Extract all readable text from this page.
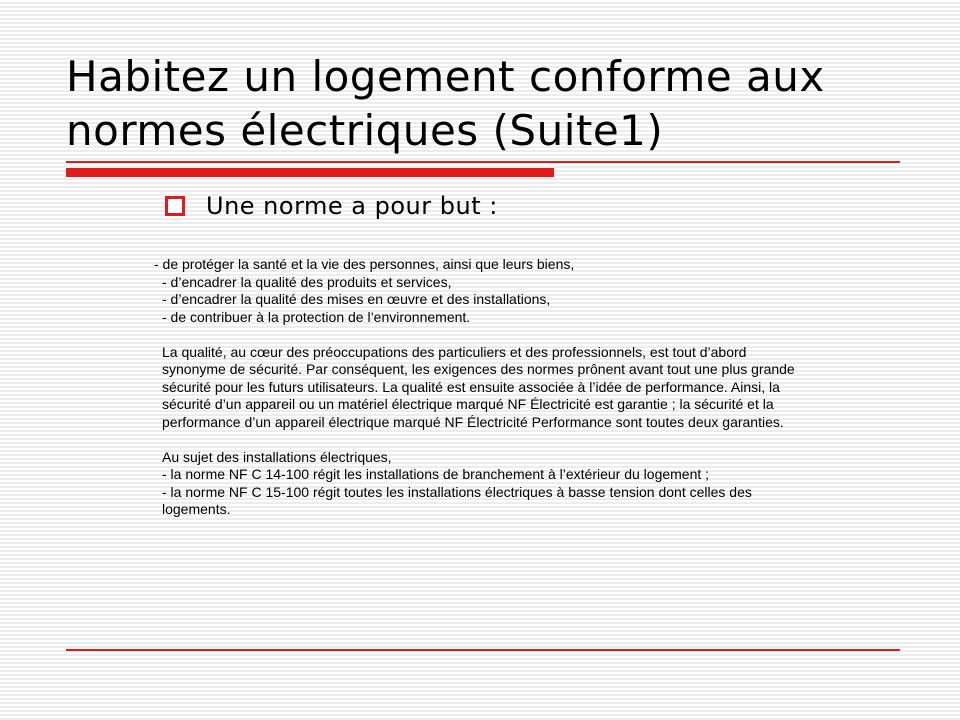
Habitez un logement conforme aux
normes électriques (Suite1)
Une norme a pour but :

- de protéger la santé et la vie des personnes, ainsi que leurs biens,

- d’encadrer la qualité des produits et services,

- d’encadrer la qualité des mises en œuvre et des installations,

- de contribuer à la protection de l’environnement.

La qualité, au cœur des préoccupations des particuliers et des professionnels, est tout d’abord

synonyme de sécurité. Par conséquent, les exigences des normes prônent avant tout une plus grande

sécurité pour les futurs utilisateurs. La qualité est ensuite associée à l’idée de performance. Ainsi, la

sécurité d’un appareil ou un matériel électrique marqué NF Électricité est garantie ; la sécurité et la

performance d’un appareil électrique marqué NF Électricité Performance sont toutes deux garanties.

Au sujet des installations électriques,

- la norme NF C 14-100 régit les installations de branchement à l’extérieur du logement ;

- la norme NF C 15-100 régit toutes les installations électriques à basse tension dont celles des

logements.
